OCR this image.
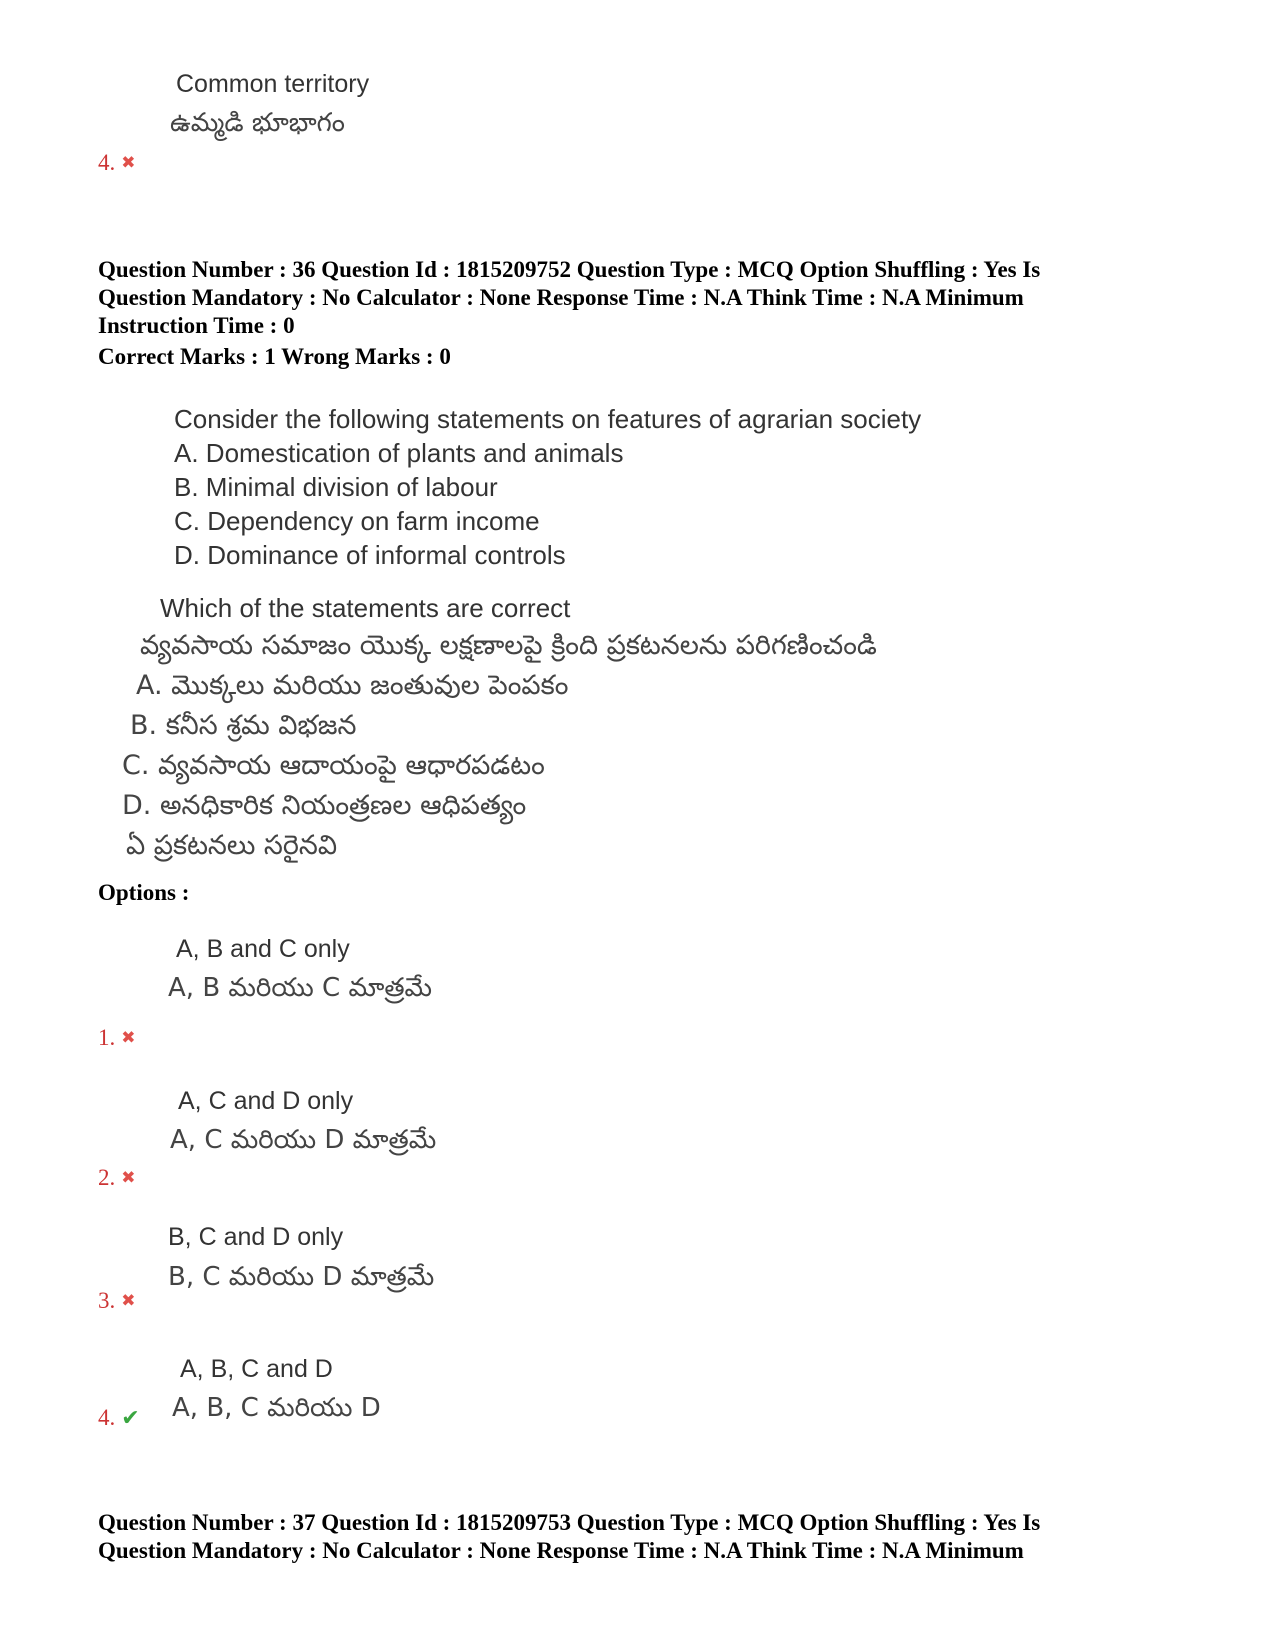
Common territory
ఉమ్మడి భూభాగం
4. ✖
Question Number : 36 Question Id : 1815209752 Question Type : MCQ Option Shuffling : Yes Is
Question Mandatory : No Calculator : None Response Time : N.A Think Time : N.A Minimum
Instruction Time : 0
Correct Marks : 1 Wrong Marks : 0
Consider the following statements on features of agrarian society
A. Domestication of plants and animals
B. Minimal division of labour
C. Dependency on farm income
D. Dominance of informal controls
Which of the statements are correct
వ్యవసాయ సమాజం యొక్క లక్షణాలపై క్రింది ప్రకటనలను పరిగణించండి
A. మొక్కలు మరియు జంతువుల పెంపకం
B. కనీస శ్రమ విభజన
C. వ్యవసాయ ఆదాయంపై ఆధారపడటం
D. అనధికారిక నియంత్రణల ఆధిపత్యం
ఏ ప్రకటనలు సరైనవి
Options :
A, B and C only
A, B మరియు C మాత్రమే
1. ✖
A, C and D only
A, C మరియు D మాత్రమే
2. ✖
B, C and D only
B, C మరియు D మాత్రమే
3. ✖
A, B, C and D
A, B, C మరియు D
4. ✔
Question Number : 37 Question Id : 1815209753 Question Type : MCQ Option Shuffling : Yes Is
Question Mandatory : No Calculator : None Response Time : N.A Think Time : N.A Minimum
